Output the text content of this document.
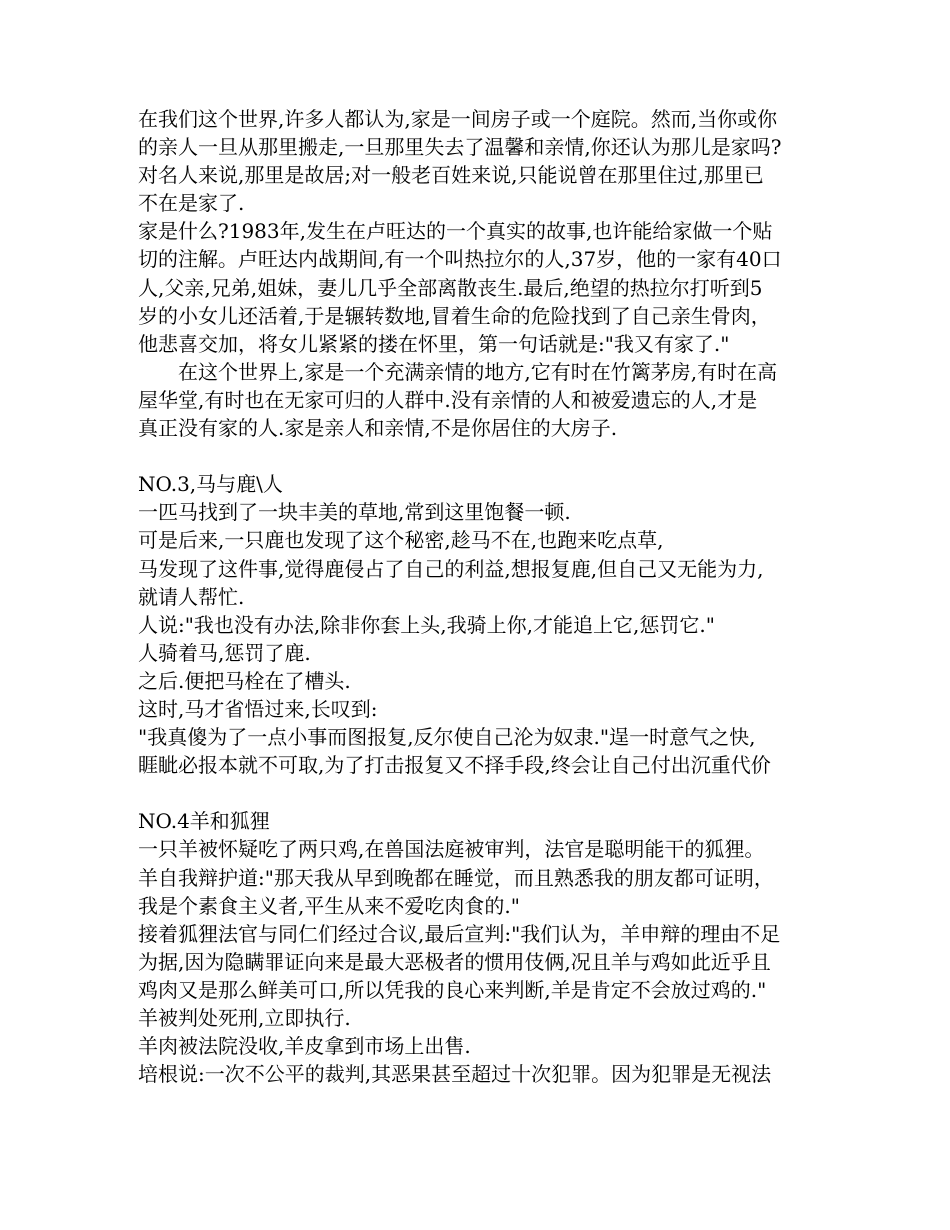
在我们这个世界,许多人都认为,家是一间房子或一个庭院。然而,当你或你
的亲人一旦从那里搬走,一旦那里失去了温馨和亲情,你还认为那儿是家吗?
对名人来说,那里是故居;对一般老百姓来说,只能说曾在那里住过,那里已
不在是家了.
家是什么?1983年,发生在卢旺达的一个真实的故事,也许能给家做一个贴
切的注解。卢旺达内战期间,有一个叫热拉尔的人,37岁，他的一家有40口
人,父亲,兄弟,姐妹，妻儿几乎全部离散丧生.最后,绝望的热拉尔打听到5
岁的小女儿还活着,于是辗转数地,冒着生命的危险找到了自己亲生骨肉，
他悲喜交加，将女儿紧紧的搂在怀里，第一句话就是:"我又有家了."
　　在这个世界上,家是一个充满亲情的地方,它有时在竹篱茅房,有时在高
屋华堂,有时也在无家可归的人群中.没有亲情的人和被爱遗忘的人,才是
真正没有家的人.家是亲人和亲情,不是你居住的大房子.
NO.3,马与鹿\人
一匹马找到了一块丰美的草地,常到这里饱餐一顿.
可是后来,一只鹿也发现了这个秘密,趁马不在,也跑来吃点草,
马发现了这件事,觉得鹿侵占了自己的利益,想报复鹿,但自己又无能为力,
就请人帮忙.
人说:"我也没有办法,除非你套上头,我骑上你,才能追上它,惩罚它."
人骑着马,惩罚了鹿.
之后.便把马栓在了槽头.
这时,马才省悟过来,长叹到:
"我真傻为了一点小事而图报复,反尔使自己沦为奴隶."逞一时意气之快,
睚眦必报本就不可取,为了打击报复又不择手段,终会让自己付出沉重代价
NO.4羊和狐狸
一只羊被怀疑吃了两只鸡,在兽国法庭被审判，法官是聪明能干的狐狸。
羊自我辩护道:"那天我从早到晚都在睡觉，而且熟悉我的朋友都可证明，
我是个素食主义者,平生从来不爱吃肉食的."
接着狐狸法官与同仁们经过合议,最后宣判:"我们认为，羊申辩的理由不足
为据,因为隐瞒罪证向来是最大恶极者的惯用伎俩,况且羊与鸡如此近乎且
鸡肉又是那么鲜美可口,所以凭我的良心来判断,羊是肯定不会放过鸡的."
羊被判处死刑,立即执行.
羊肉被法院没收,羊皮拿到市场上出售.
培根说:一次不公平的裁判,其恶果甚至超过十次犯罪。因为犯罪是无视法
